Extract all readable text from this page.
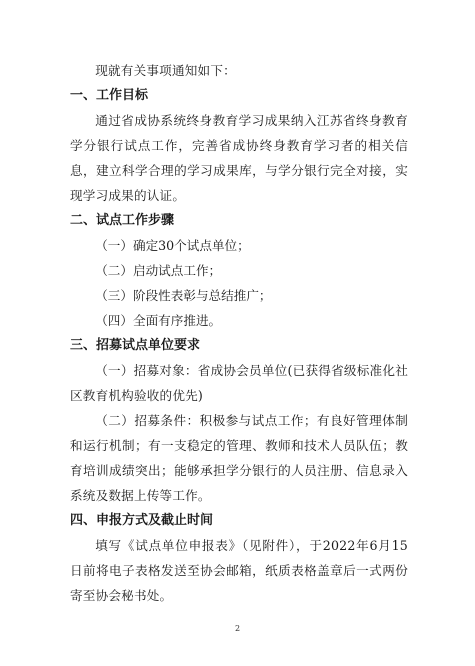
现就有关事项通知如下：

一、工作目标

通过省成协系统终身教育学习成果纳入江苏省终身教育学分银行试点工作，完善省成协终身教育学习者的相关信息，建立科学合理的学习成果库，与学分银行完全对接，实现学习成果的认证。

二、试点工作步骤

（一）确定30个试点单位；

（二）启动试点工作；

（三）阶段性表彰与总结推广；

（四）全面有序推进。

三、招募试点单位要求

（一）招募对象：省成协会员单位(已获得省级标准化社区教育机构验收的优先)

（二）招募条件：积极参与试点工作；有良好管理体制和运行机制；有一支稳定的管理、教师和技术人员队伍；教育培训成绩突出；能够承担学分银行的人员注册、信息录入系统及数据上传等工作。

四、申报方式及截止时间

填写《试点单位申报表》（见附件），于2022年6月15日前将电子表格发送至协会邮箱，纸质表格盖章后一式两份寄至协会秘书处。

2
